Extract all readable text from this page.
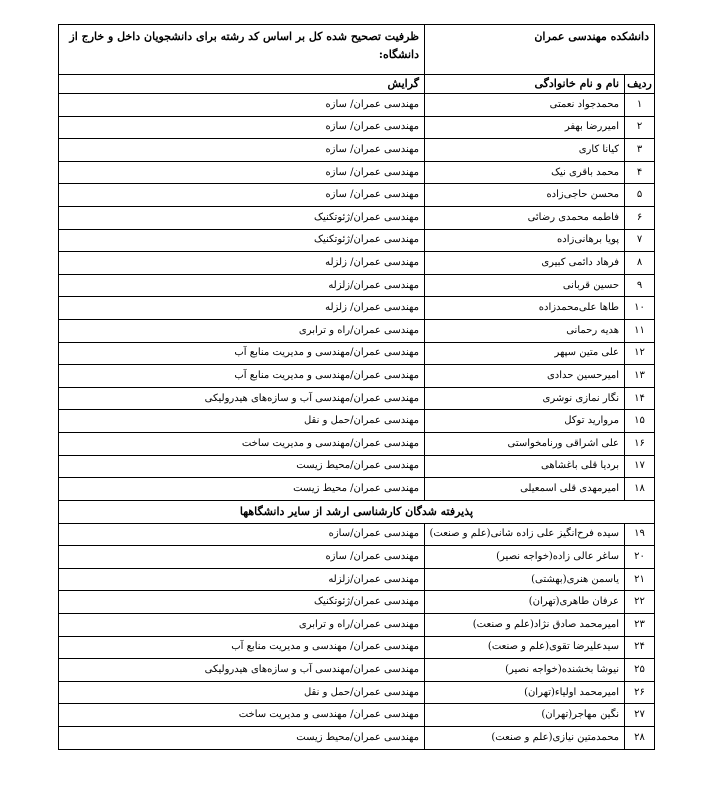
دانشکده مهندسی عمران		ظرفیت تصحیح شده کل بر اساس کد رشته برای دانشجویان داخل و خارج از دانشگاه:
ردیف	نام و نام خانوادگی	گرایش
۱	محمدجواد نعمتی	مهندسی عمران/ سازه
۲	امیررضا بهفر	مهندسی عمران/ سازه
۳	کیانا کاری	مهندسی عمران/ سازه
۴	محمد باقری نیک	مهندسی عمران/ سازه
۵	محسن حاجی‌زاده	مهندسی عمران/ سازه
۶	فاطمه محمدی رضائی	مهندسی عمران/ژئوتکنیک
۷	پویا برهانی‌زاده	مهندسی عمران/ژئوتکنیک
۸	فرهاد دائمی کبیری	مهندسی عمران/ زلزله
۹	حسین قربانی	مهندسی عمران/زلزله
۱۰	طاها علی‌محمدزاده	مهندسی عمران/ زلزله
۱۱	هدیه رحمانی	مهندسی عمران/راه و ترابری
۱۲	علی متین سپهر	مهندسی عمران/مهندسی و مدیریت منابع آب
۱۳	امیرحسین حدادی	مهندسی عمران/مهندسی و مدیریت منابع آب
۱۴	نگار نمازی نوشری	مهندسی عمران/مهندسی آب و سازه‌های هیدرولیکی
۱۵	مروارید توکل	مهندسی عمران/حمل و نقل
۱۶	علی اشراقی ورنامخواستی	مهندسی عمران/مهندسی و مدیریت ساخت
۱۷	بردیا قلی باغشاهی	مهندسی عمران/محیط زیست
۱۸	امیرمهدی قلی اسمعیلی	مهندسی عمران/ محیط زیست
پذیرفته شدگان کارشناسی ارشد از سایر دانشگاهها		
۱۹	سیده فرح‌انگیز علی زاده شانی(علم و صنعت)	مهندسی عمران/سازه
۲۰	ساغر عالی زاده(خواجه نصیر)	مهندسی عمران/ سازه
۲۱	یاسمن هنری(بهشتی)	مهندسی عمران/زلزله
۲۲	عرفان طاهری(تهران)	مهندسی عمران/ژئوتکنیک
۲۳	امیرمحمد صادق نژاد(علم و صنعت)	مهندسی عمران/راه و ترابری
۲۴	سیدعلیرضا تقوی(علم و صنعت)	مهندسی عمران/ مهندسی و مدیریت منابع آب
۲۵	نیوشا بخشنده(خواجه نصیر)	مهندسی عمران/مهندسی آب و سازه‌های هیدرولیکی
۲۶	امیرمحمد اولیاء(تهران)	مهندسی عمران/حمل و نقل
۲۷	نگین مهاجر(تهران)	مهندسی عمران/ مهندسی و مدیریت ساخت
۲۸	محمدمتین نیازی(علم و صنعت)	مهندسی عمران/محیط زیست
